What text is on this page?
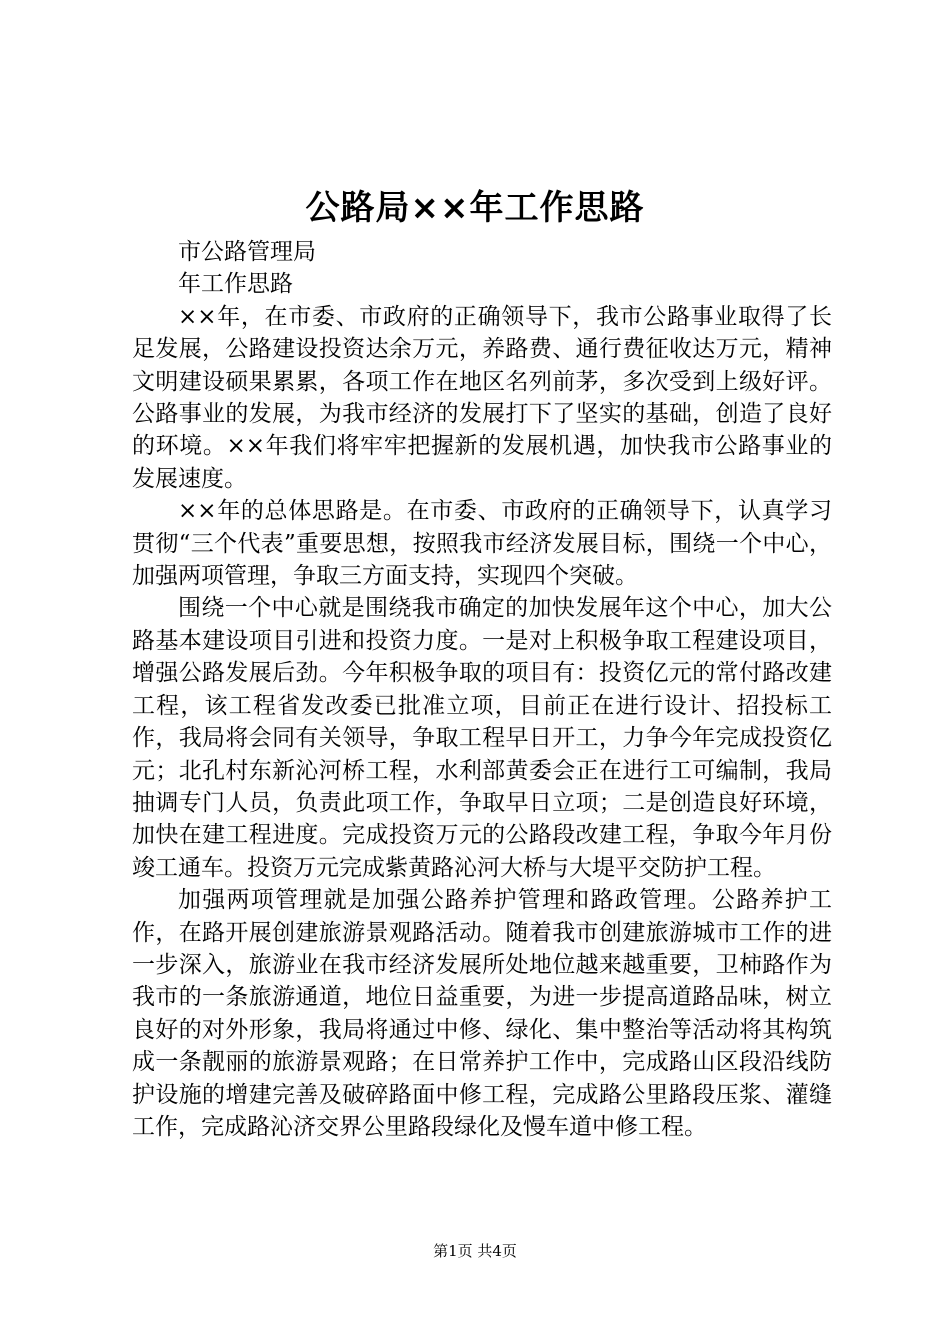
公路局××年工作思路

市公路管理局

年工作思路

××年，在市委、市政府的正确领导下，我市公路事业取得了长足发展，公路建设投资达余万元，养路费、通行费征收达万元，精神文明建设硕果累累，各项工作在地区名列前茅，多次受到上级好评。公路事业的发展，为我市经济的发展打下了坚实的基础，创造了良好的环境。××年我们将牢牢把握新的发展机遇，加快我市公路事业的发展速度。

××年的总体思路是。在市委、市政府的正确领导下，认真学习贯彻“三个代表”重要思想，按照我市经济发展目标，围绕一个中心，加强两项管理，争取三方面支持，实现四个突破。

围绕一个中心就是围绕我市确定的加快发展年这个中心，加大公路基本建设项目引进和投资力度。一是对上积极争取工程建设项目，增强公路发展后劲。今年积极争取的项目有：投资亿元的常付路改建工程，该工程省发改委已批准立项，目前正在进行设计、招投标工作，我局将会同有关领导，争取工程早日开工，力争今年完成投资亿元；北孔村东新沁河桥工程，水利部黄委会正在进行工可编制，我局抽调专门人员，负责此项工作，争取早日立项；二是创造良好环境，加快在建工程进度。完成投资万元的公路段改建工程，争取今年月份竣工通车。投资万元完成紫黄路沁河大桥与大堤平交防护工程。

加强两项管理就是加强公路养护管理和路政管理。公路养护工作，在路开展创建旅游景观路活动。随着我市创建旅游城市工作的进一步深入，旅游业在我市经济发展所处地位越来越重要，卫柿路作为我市的一条旅游通道，地位日益重要，为进一步提高道路品味，树立良好的对外形象，我局将通过中修、绿化、集中整治等活动将其构筑成一条靓丽的旅游景观路；在日常养护工作中，完成路山区段沿线防护设施的增建完善及破碎路面中修工程，完成路公里路段压浆、灌缝工作，完成路沁济交界公里路段绿化及慢车道中修工程。

第1页 共4页
